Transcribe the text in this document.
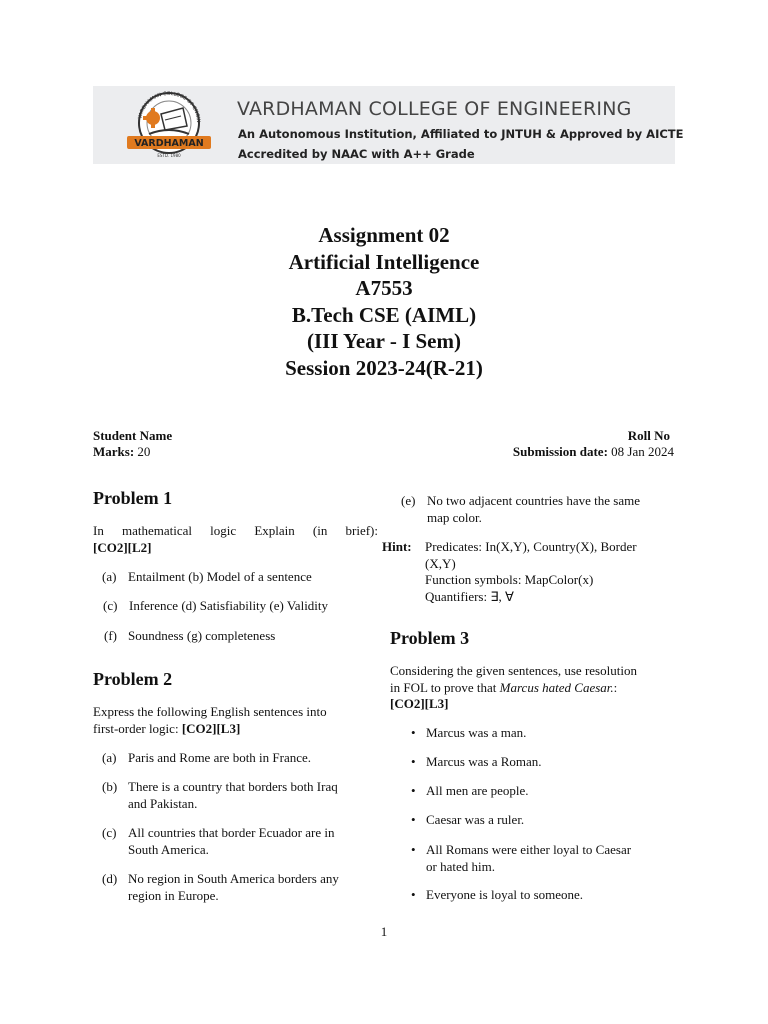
VARDHAMAN
ESTD. 1980
VARDHAMAN COLLEGE OF ENGIN
VARDHAMAN COLLEGE OF ENGINEERING
An Autonomous Institution, Affiliated to JNTUH & Approved by AICTE
Accredited by NAAC with A++ Grade
Assignment 02
Artificial Intelligence
A7553
B.Tech CSE (AIML)
(III Year - I Sem)
Session 2023-24(R-21)
Student Name	Roll No
Marks: 20	Submission date: 08 Jan 2024
Problem 1
In mathematical logic Explain (in brief):
[CO2][L2]
(a) Entailment (b) Model of a sentence
(c) Inference (d) Satisfiability (e) Validity
(f) Soundness (g) completeness
Problem 2
Express the following English sentences into
first-order logic: [CO2][L3]
(a) Paris and Rome are both in France.
(b) There is a country that borders both Iraq
and Pakistan.
(c) All countries that border Ecuador are in
South America.
(d) No region in South America borders any
region in Europe.
(e) No two adjacent countries have the same
map color.
Hint: Predicates: In(X,Y), Country(X), Border
(X,Y)
Function symbols: MapColor(x)
Quantifiers: ∃, ∀
Problem 3
Considering the given sentences, use resolution
in FOL to prove that Marcus hated Caesar.:
[CO2][L3]
• Marcus was a man.
• Marcus was a Roman.
• All men are people.
• Caesar was a ruler.
• All Romans were either loyal to Caesar
or hated him.
• Everyone is loyal to someone.
1
